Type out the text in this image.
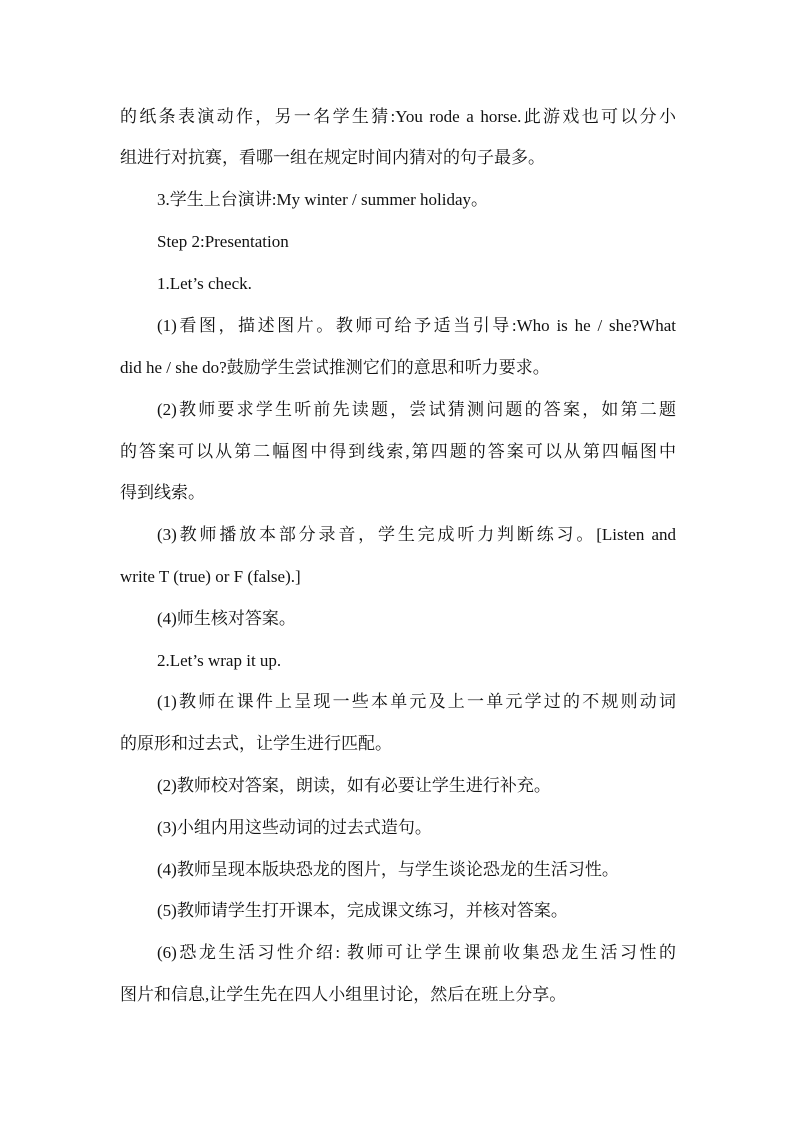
的纸条表演动作，另一名学生猜:You rode a horse.此游戏也可以分小
组进行对抗赛，看哪一组在规定时间内猜对的句子最多。
3.学生上台演讲:My winter / summer holiday。
Step 2:Presentation
1.Let’s check.
(1)看图，描述图片。教师可给予适当引导:Who is he / she?What
did he / she do?鼓励学生尝试推测它们的意思和听力要求。
(2)教师要求学生听前先读题，尝试猜测问题的答案，如第二题
的答案可以从第二幅图中得到线索,第四题的答案可以从第四幅图中
得到线索。
(3)教师播放本部分录音，学生完成听力判断练习。[Listen and
write T (true) or F (false).]
(4)师生核对答案。
2.Let’s wrap it up.
(1)教师在课件上呈现一些本单元及上一单元学过的不规则动词
的原形和过去式，让学生进行匹配。
(2)教师校对答案，朗读，如有必要让学生进行补充。
(3)小组内用这些动词的过去式造句。
(4)教师呈现本版块恐龙的图片，与学生谈论恐龙的生活习性。
(5)教师请学生打开课本，完成课文练习，并核对答案。
(6)恐龙生活习性介绍: 教师可让学生课前收集恐龙生活习性的
图片和信息,让学生先在四人小组里讨论，然后在班上分享。
